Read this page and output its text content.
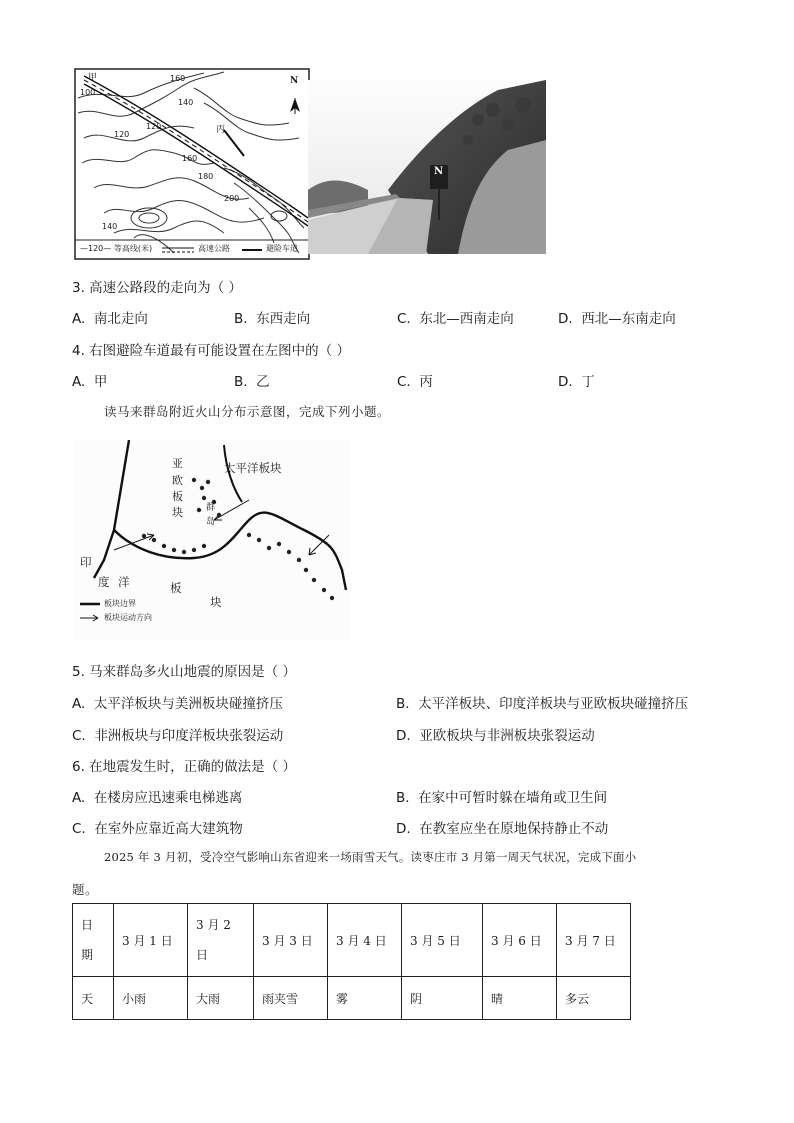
甲
丙
N
100
120
120
160
140
160
180
200
140
—120— 等高线(米)	高速公路	避险车道
N
3. 高速公路段的走向为（ ）
A. 南北走向	B. 东西走向	C. 东北—西南走向	D. 西北—东南走向
4. 右图避险车道最有可能设置在左图中的（ ）
A. 甲	B. 乙	C. 丙	D. 丁
读马来群岛附近火山分布示意图，完成下列小题。
亚
欧
板
块
太平洋板块
群
岛
印
度 洋	板
块
板块边界
板块运动方向
5. 马来群岛多火山地震的原因是（ ）
A. 太平洋板块与美洲板块碰撞挤压	B. 太平洋板块、印度洋板块与亚欧板块碰撞挤压
C. 非洲板块与印度洋板块张裂运动	D. 亚欧板块与非洲板块张裂运动
6. 在地震发生时，正确的做法是（ ）
A. 在楼房应迅速乘电梯逃离	B. 在家中可暂时躲在墙角或卫生间
C. 在室外应靠近高大建筑物	D. 在教室应坐在原地保持静止不动
2025 年 3 月初，受冷空气影响山东省迎来一场雨雪天气。读枣庄市 3 月第一周天气状况，完成下面小
题。
日
期	3 月 1 日	3 月 2 日	3 月 3 日	3 月 4 日	3 月 5 日	3 月 6 日	3 月 7 日
天	小雨	大雨	雨夹雪	雾	阴	晴	多云
